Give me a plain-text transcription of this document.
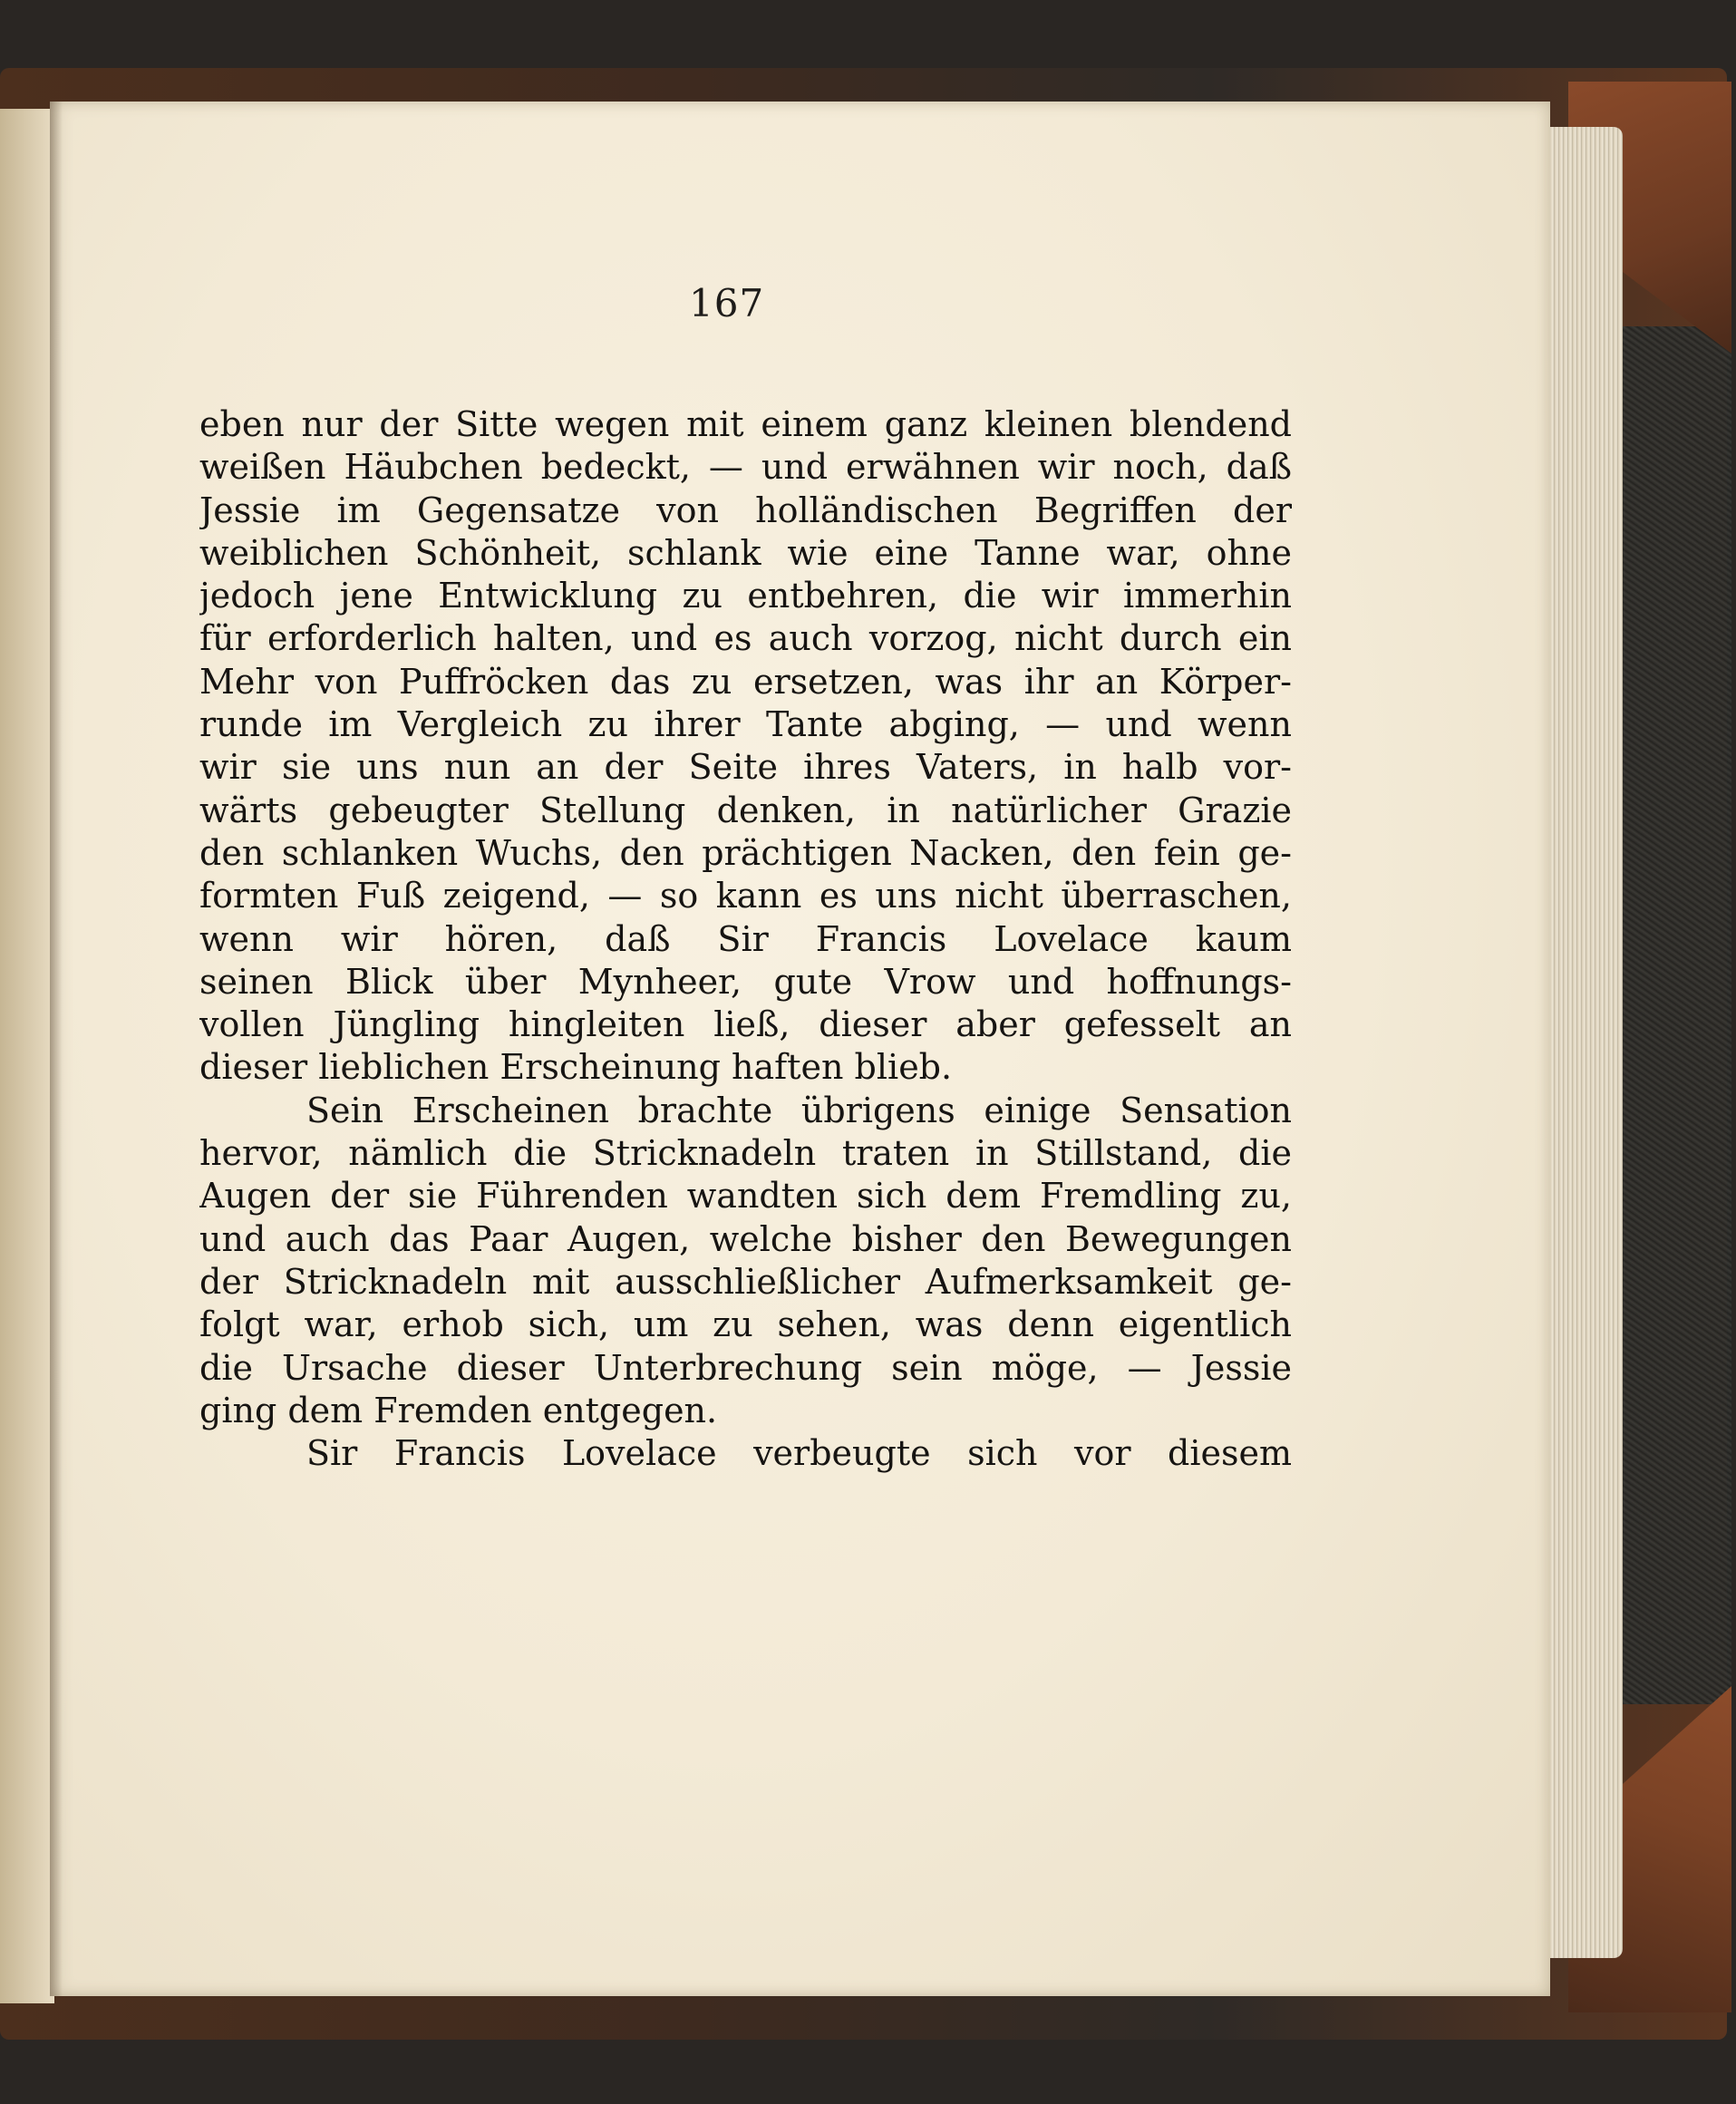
167
eben nur der Sitte wegen mit einem ganz kleinen blendend
weißen Häubchen bedeckt, — und erwähnen wir noch, daß
Jessie im Gegensatze von holländischen Begriffen der
weiblichen Schönheit, schlank wie eine Tanne war, ohne
jedoch jene Entwicklung zu entbehren, die wir immerhin
für erforderlich halten, und es auch vorzog, nicht durch ein
Mehr von Puffröcken das zu ersetzen, was ihr an Körper-
runde im Vergleich zu ihrer Tante abging, — und wenn
wir sie uns nun an der Seite ihres Vaters, in halb vor-
wärts gebeugter Stellung denken, in natürlicher Grazie
den schlanken Wuchs, den prächtigen Nacken, den fein ge-
formten Fuß zeigend, — so kann es uns nicht überraschen,
wenn wir hören, daß Sir Francis Lovelace kaum
seinen Blick über Mynheer, gute Vrow und hoffnungs-
vollen Jüngling hingleiten ließ, dieser aber gefesselt an
dieser lieblichen Erscheinung haften blieb.
Sein Erscheinen brachte übrigens einige Sensation
hervor, nämlich die Stricknadeln traten in Stillstand, die
Augen der sie Führenden wandten sich dem Fremdling zu,
und auch das Paar Augen, welche bisher den Bewegungen
der Stricknadeln mit ausschließlicher Aufmerksamkeit ge-
folgt war, erhob sich, um zu sehen, was denn eigentlich
die Ursache dieser Unterbrechung sein möge, — Jessie
ging dem Fremden entgegen.
Sir Francis Lovelace verbeugte sich vor diesem
